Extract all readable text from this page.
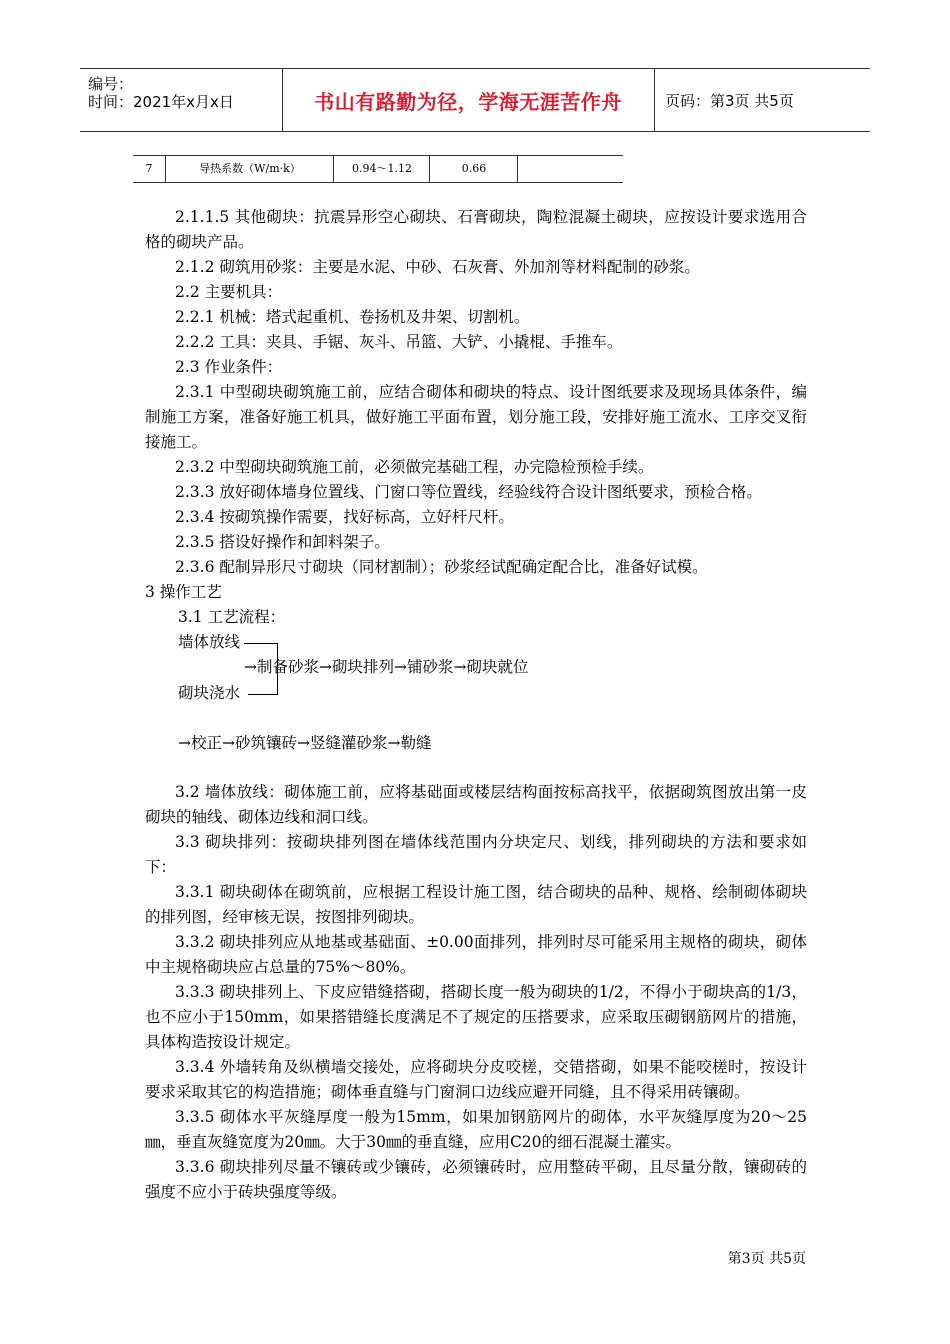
编号：
时间：2021年x月x日	书山有路勤为径，学海无涯苦作舟	页码：第3页 共5页
7	导热系数（W/m·k）	0.94～1.12	0.66
2.1.1.5 其他砌块：抗震异形空心砌块、石膏砌块，陶粒混凝土砌块，应按设计要求选用合格的砌块产品。
2.1.2 砌筑用砂浆：主要是水泥、中砂、石灰膏、外加剂等材料配制的砂浆。
2.2 主要机具：
2.2.1 机械：塔式起重机、卷扬机及井架、切割机。
2.2.2 工具：夹具、手锯、灰斗、吊篮、大铲、小撬棍、手推车。
2.3 作业条件：
2.3.1 中型砌块砌筑施工前，应结合砌体和砌块的特点、设计图纸要求及现场具体条件，编制施工方案，准备好施工机具，做好施工平面布置，划分施工段，安排好施工流水、工序交叉衔接施工。
2.3.2 中型砌块砌筑施工前，必须做完基础工程，办完隐检预检手续。
2.3.3 放好砌体墙身位置线、门窗口等位置线，经验线符合设计图纸要求，预检合格。
2.3.4 按砌筑操作需要，找好标高，立好杆尺杆。
2.3.5 搭设好操作和卸料架子。
2.3.6 配制异形尺寸砌块（同材割制）；砂浆经试配确定配合比，准备好试模。
3 操作工艺
3.1 工艺流程：
墙体放线
→制备砂浆→砌块排列→铺砂浆→砌块就位
砌块浇水
→校正→砂筑镶砖→竖缝灌砂浆→勒缝
3.2 墙体放线：砌体施工前，应将基础面或楼层结构面按标高找平，依据砌筑图放出第一皮砌块的轴线、砌体边线和洞口线。
3.3 砌块排列：按砌块排列图在墙体线范围内分块定尺、划线，排列砌块的方法和要求如下：
3.3.1 砌块砌体在砌筑前，应根据工程设计施工图，结合砌块的品种、规格、绘制砌体砌块的排列图，经审核无误，按图排列砌块。
3.3.2 砌块排列应从地基或基础面、±0.00面排列，排列时尽可能采用主规格的砌块，砌体中主规格砌块应占总量的75%～80%。
3.3.3 砌块排列上、下皮应错缝搭砌，搭砌长度一般为砌块的1/2，不得小于砌块高的1/3，也不应小于150mm，如果搭错缝长度满足不了规定的压搭要求，应采取压砌钢筋网片的措施，具体构造按设计规定。
3.3.4 外墙转角及纵横墙交接处，应将砌块分皮咬槎，交错搭砌，如果不能咬槎时，按设计要求采取其它的构造措施；砌体垂直缝与门窗洞口边线应避开同缝，且不得采用砖镶砌。
3.3.5 砌体水平灰缝厚度一般为15mm，如果加钢筋网片的砌体，水平灰缝厚度为20～25㎜，垂直灰缝宽度为20㎜。大于30㎜的垂直缝，应用C20的细石混凝土灌实。
3.3.6 砌块排列尽量不镶砖或少镶砖，必须镶砖时，应用整砖平砌，且尽量分散，镶砌砖的强度不应小于砖块强度等级。
第3页 共5页
